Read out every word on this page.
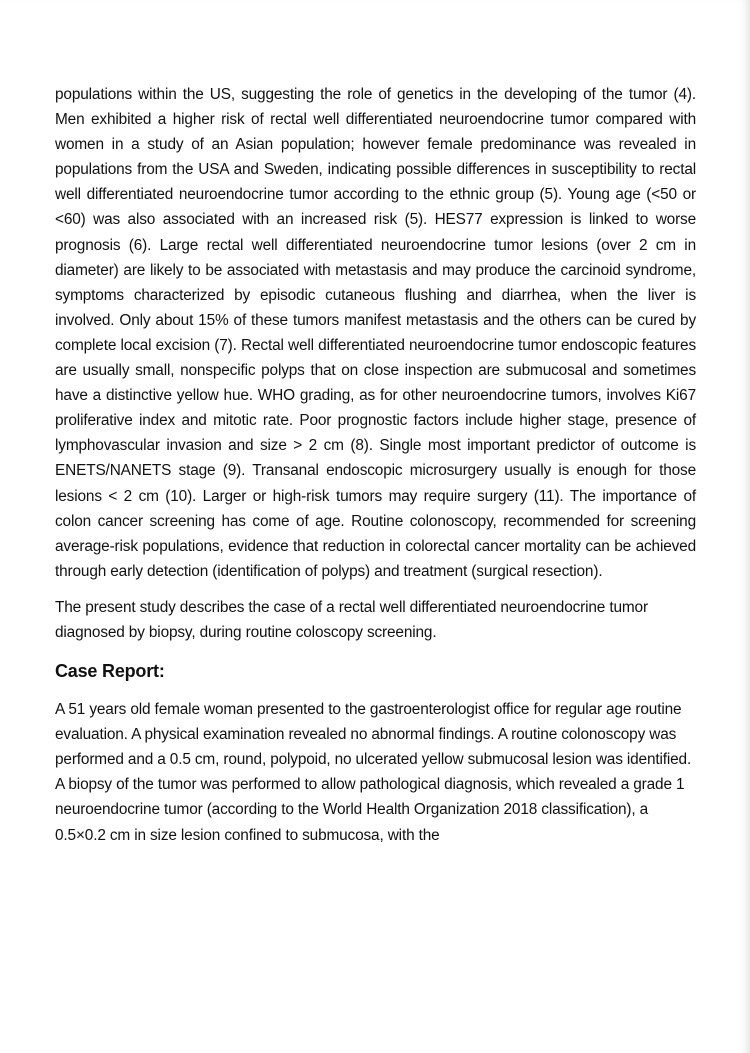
populations within the US, suggesting the role of genetics in the developing of the tumor (4). Men exhibited a higher risk of rectal well differentiated neuroendocrine tumor compared with women in a study of an Asian population; however female predominance was revealed in populations from the USA and Sweden, indicating possible differences in susceptibility to rectal well differentiated neuroendocrine tumor according to the ethnic group (5). Young age (<50 or <60) was also associated with an increased risk (5). HES77 expression is linked to worse prognosis (6). Large rectal well differentiated neuroendocrine tumor lesions (over 2 cm in diameter) are likely to be associated with metastasis and may produce the carcinoid syndrome, symptoms characterized by episodic cutaneous flushing and diarrhea, when the liver is involved. Only about 15% of these tumors manifest metastasis and the others can be cured by complete local excision (7). Rectal well differentiated neuroendocrine tumor endoscopic features are usually small, nonspecific polyps that on close inspection are submucosal and sometimes have a distinctive yellow hue. WHO grading, as for other neuroendocrine tumors, involves Ki67 proliferative index and mitotic rate. Poor prognostic factors include higher stage, presence of lymphovascular invasion and size > 2 cm (8). Single most important predictor of outcome is ENETS/NANETS stage (9). Transanal endoscopic microsurgery usually is enough for those lesions < 2 cm (10). Larger or high-risk tumors may require surgery (11). The importance of colon cancer screening has come of age. Routine colonoscopy, recommended for screening average-risk populations, evidence that reduction in colorectal cancer mortality can be achieved through early detection (identification of polyps) and treatment (surgical resection).

The present study describes the case of a rectal well differentiated neuroendocrine tumor diagnosed by biopsy, during routine coloscopy screening.

Case Report:

A 51 years old female woman presented to the gastroenterologist office for regular age routine evaluation. A physical examination revealed no abnormal findings. A routine colonoscopy was performed and a 0.5 cm, round, polypoid, no ulcerated yellow submucosal lesion was identified. A biopsy of the tumor was performed to allow pathological diagnosis, which revealed a grade 1 neuroendocrine tumor (according to the World Health Organization 2018 classification), a 0.5×0.2 cm in size lesion confined to submucosa, with the
